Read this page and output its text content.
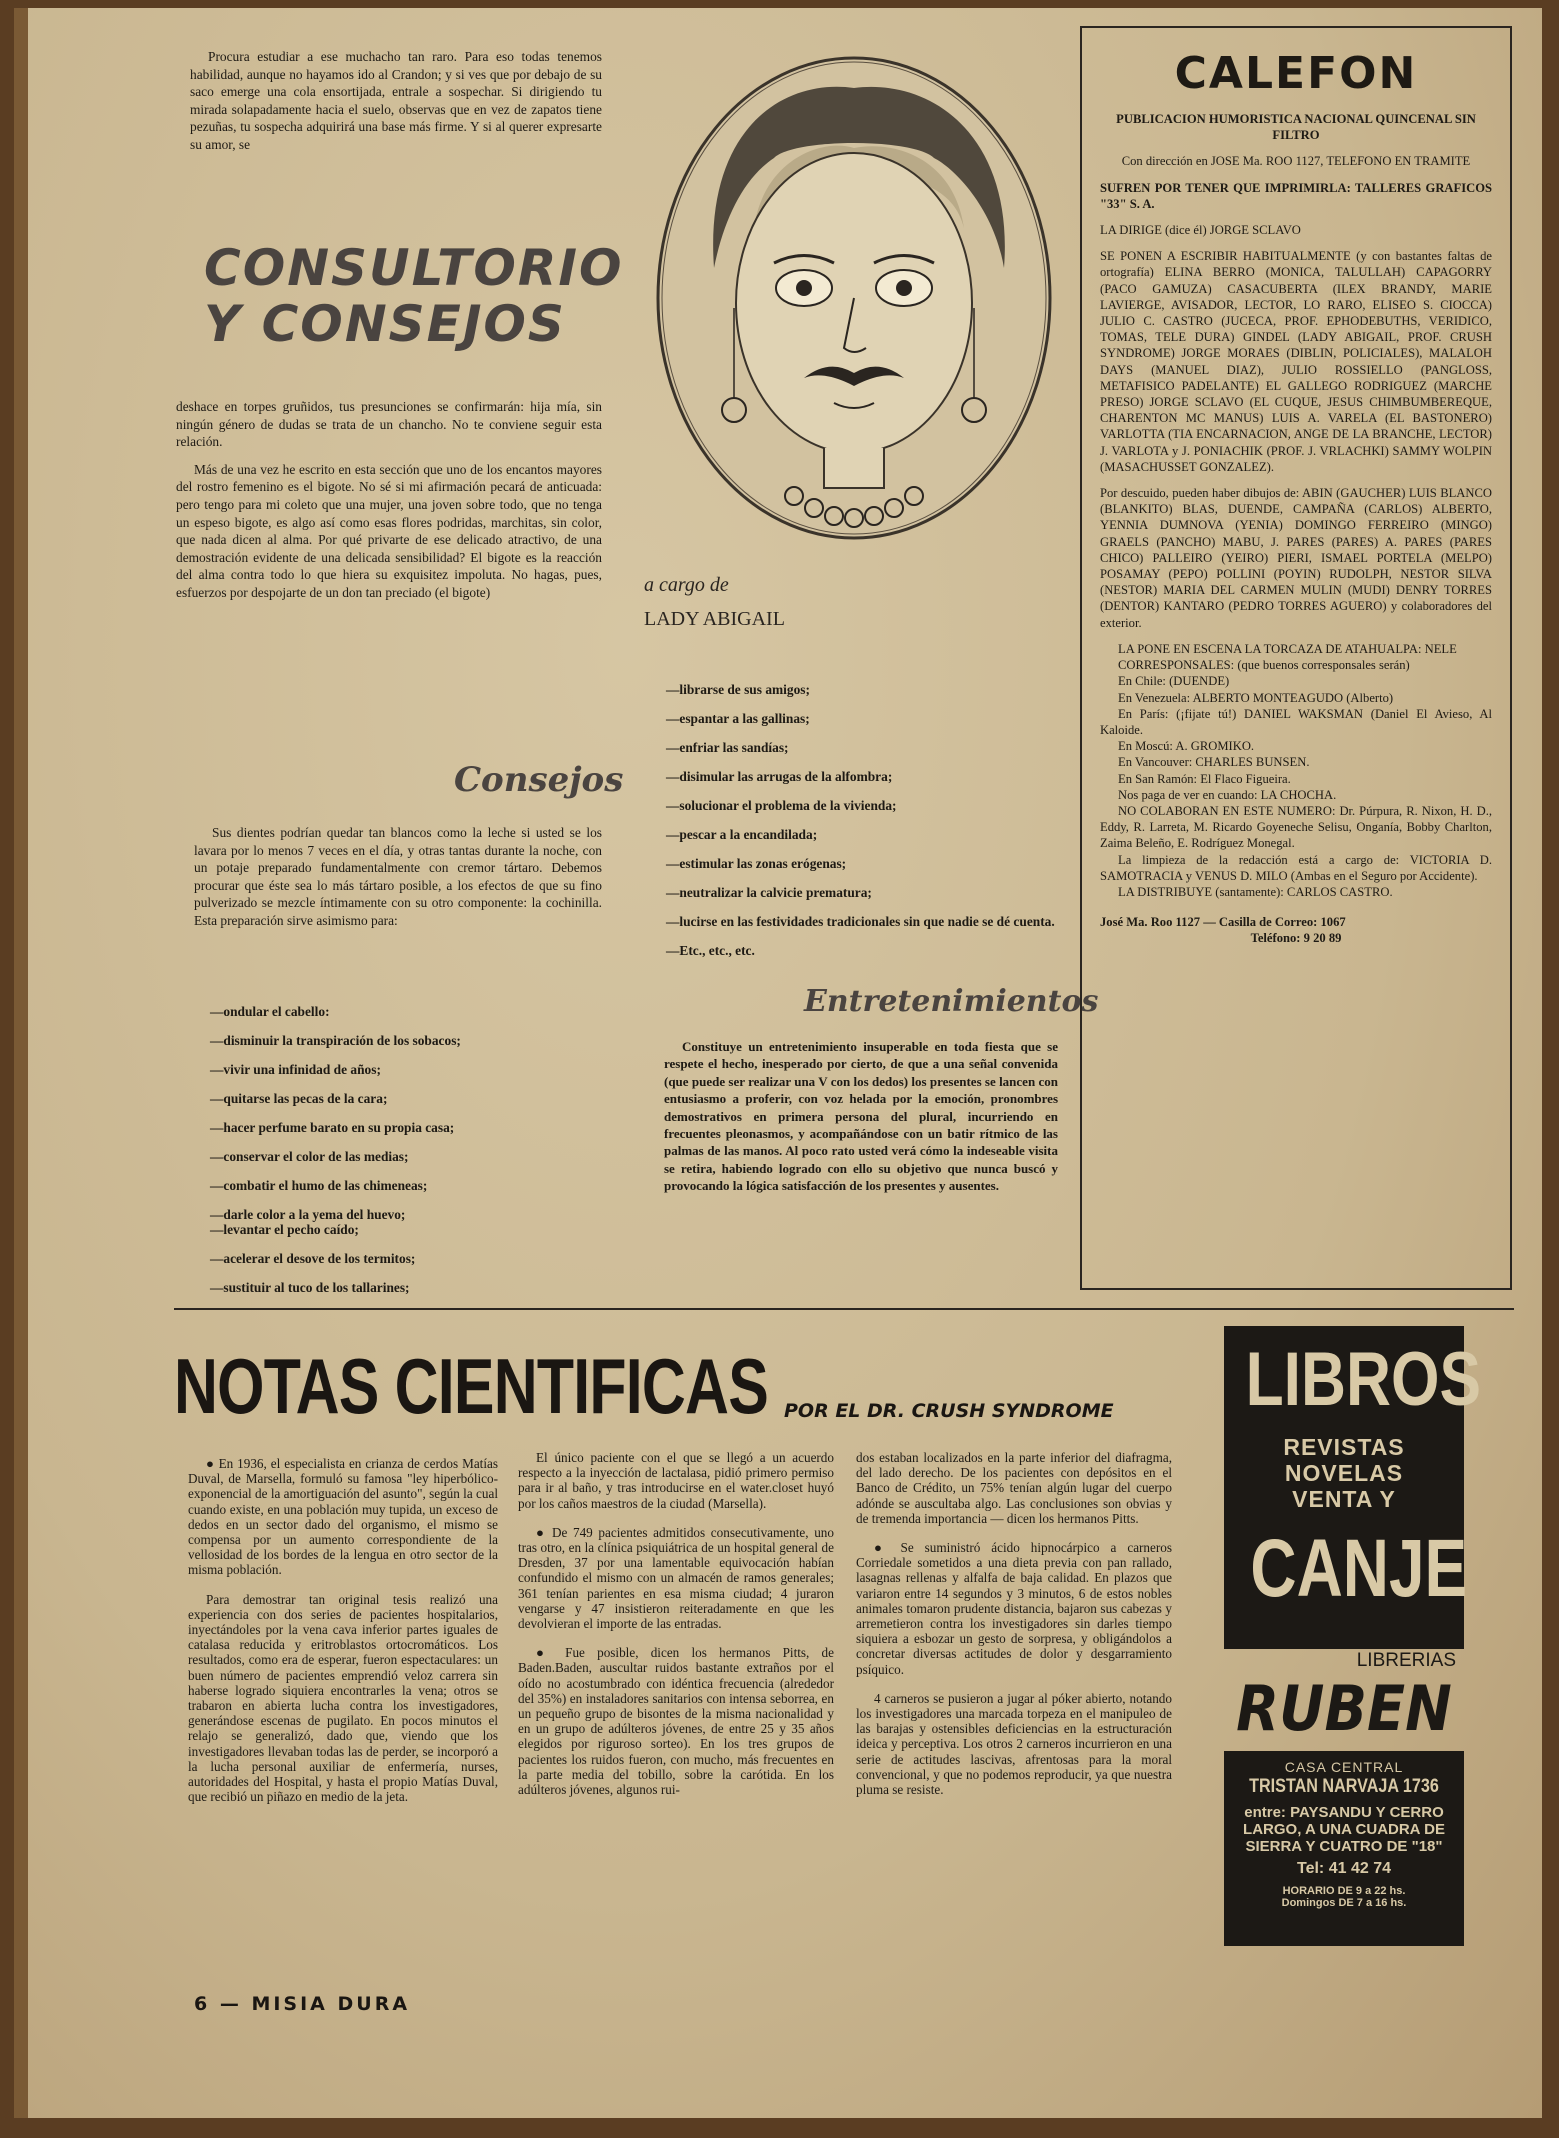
Procura estudiar a ese muchacho tan raro. Para eso todas tenemos habilidad, aunque no hayamos ido al Crandon; y si ves que por debajo de su saco emerge una cola ensortijada, entrale a sospechar. Si dirigiendo tu mirada solapadamente hacia el suelo, observas que en vez de zapatos tiene pezuñas, tu sospecha adquirirá una base más firme. Y si al querer expresarte su amor, se

CONSULTORIO
Y CONSEJOS

deshace en torpes gruñidos, tus presunciones se confirmarán: hija mía, sin ningún género de dudas se trata de un chancho. No te conviene seguir esta relación.

Más de una vez he escrito en esta sección que uno de los encantos mayores del rostro femenino es el bigote. No sé si mi afirmación pecará de anticuada: pero tengo para mi coleto que una mujer, una joven sobre todo, que no tenga un espeso bigote, es algo así como esas flores podridas, marchitas, sin color, que nada dicen al alma. Por qué privarte de ese delicado atractivo, de una demostración evidente de una delicada sensibilidad? El bigote es la reacción del alma contra todo lo que hiera su exquisitez impoluta. No hagas, pues, esfuerzos por despojarte de un don tan preciado (el bigote)

Consejos

Sus dientes podrían quedar tan blancos como la leche si usted se los lavara por lo menos 7 veces en el día, y otras tantas durante la noche, con un potaje preparado fundamentalmente con cremor tártaro. Debemos procurar que éste sea lo más tártaro posible, a los efectos de que su fino pulverizado se mezcle íntimamente con su otro componente: la cochinilla. Esta preparación sirve asimismo para:

—ondular el cabello:
—disminuir la transpiración de los sobacos;
—vivir una infinidad de años;
—quitarse las pecas de la cara;
—hacer perfume barato en su propia casa;
—conservar el color de las medias;
—combatir el humo de las chimeneas;
—darle color a la yema del huevo;
—levantar el pecho caído;
—acelerar el desove de los termitos;
—sustituir al tuco de los tallarines;
a cargo de
LADY ABIGAIL
—librarse de sus amigos;
—espantar a las gallinas;
—enfriar las sandías;
—disimular las arrugas de la alfombra;
—solucionar el problema de la vivienda;
—pescar a la encandilada;
—estimular las zonas erógenas;
—neutralizar la calvicie prematura;
—lucirse en las festividades tradicionales sin que nadie se dé cuenta.
—Etc., etc., etc.
Entretenimientos

Constituye un entretenimiento insuperable en toda fiesta que se respete el hecho, inesperado por cierto, de que a una señal convenida (que puede ser realizar una V con los dedos) los presentes se lancen con entusiasmo a proferir, con voz helada por la emoción, pronombres demostrativos en primera persona del plural, incurriendo en frecuentes pleonasmos, y acompañándose con un batir rítmico de las palmas de las manos. Al poco rato usted verá cómo la indeseable visita se retira, habiendo logrado con ello su objetivo que nunca buscó y provocando la lógica satisfacción de los presentes y ausentes.

CALEFON

PUBLICACION HUMORISTICA NACIONAL QUINCENAL SIN FILTRO

Con dirección en JOSE Ma. ROO 1127, TELEFONO EN TRAMITE

SUFREN POR TENER QUE IMPRIMIRLA: TALLERES GRAFICOS "33" S. A.

LA DIRIGE (dice él) JORGE SCLAVO

SE PONEN A ESCRIBIR HABITUALMENTE (y con bastantes faltas de ortografía) ELINA BERRO (MONICA, TALULLAH) CAPAGORRY (PACO GAMUZA) CASACUBERTA (ILEX BRANDY, MARIE LAVIERGE, AVISADOR, LECTOR, LO RARO, ELISEO S. CIOCCA) JULIO C. CASTRO (JUCECA, PROF. EPHODEBUTHS, VERIDICO, TOMAS, TELE DURA) GINDEL (LADY ABIGAIL, PROF. CRUSH SYNDROME) JORGE MORAES (DIBLIN, POLICIALES), MALALOH DAYS (MANUEL DIAZ), JULIO ROSSIELLO (PANGLOSS, METAFISICO PADELANTE) EL GALLEGO RODRIGUEZ (MARCHE PRESO) JORGE SCLAVO (EL CUQUE, JESUS CHIMBUMBEREQUE, CHARENTON MC MANUS) LUIS A. VARELA (EL BASTONERO) VARLOTTA (TIA ENCARNACION, ANGE DE LA BRANCHE, LECTOR) J. VARLOTA y J. PONIACHIK (PROF. J. VRLACHKI) SAMMY WOLPIN (MASACHUSSET GONZALEZ).

Por descuido, pueden haber dibujos de: ABIN (GAUCHER) LUIS BLANCO (BLANKITO) BLAS, DUENDE, CAMPAÑA (CARLOS) ALBERTO, YENNIA DUMNOVA (YENIA) DOMINGO FERREIRO (MINGO) GRAELS (PANCHO) MABU, J. PARES (PARES) A. PARES (PARES CHICO) PALLEIRO (YEIRO) PIERI, ISMAEL PORTELA (MELPO) POSAMAY (PEPO) POLLINI (POYIN) RUDOLPH, NESTOR SILVA (NESTOR) MARIA DEL CARMEN MULIN (MUDI) DENRY TORRES (DENTOR) KANTARO (PEDRO TORRES AGUERO) y colaboradores del exterior.

LA PONE EN ESCENA LA TORCAZA DE ATAHUALPA: NELE
CORRESPONSALES: (que buenos corresponsales serán)
En Chile: (DUENDE)
En Venezuela: ALBERTO MONTEAGUDO (Alberto)
En París: (¡fijate tú!) DANIEL WAKSMAN (Daniel El Avieso, Al Kaloide.
En Moscú: A. GROMIKO.
En Vancouver: CHARLES BUNSEN.
En San Ramón: El Flaco Figueira.
Nos paga de ver en cuando: LA CHOCHA.
NO COLABORAN EN ESTE NUMERO: Dr. Púrpura, R. Nixon, H. D., Eddy, R. Larreta, M. Ricardo Goyeneche Selisu, Onganía, Bobby Charlton, Zaima Beleño, E. Rodríguez Monegal.
La limpieza de la redacción está a cargo de: VICTORIA D. SAMOTRACIA y VENUS D. MILO (Ambas en el Seguro por Accidente).
LA DISTRIBUYE (santamente): CARLOS CASTRO.
José Ma. Roo 1127 — Casilla de Correo: 1067
Teléfono: 9 20 89
NOTAS CIENTIFICAS POR EL DR. CRUSH SYNDROME

● En 1936, el especialista en crianza de cerdos Matías Duval, de Marsella, formuló su famosa "ley hiperbólico-exponencial de la amortiguación del asunto", según la cual cuando existe, en una población muy tupida, un exceso de dedos en un sector dado del organismo, el mismo se compensa por un aumento correspondiente de la vellosidad de los bordes de la lengua en otro sector de la misma población.

Para demostrar tan original tesis realizó una experiencia con dos series de pacientes hospitalarios, inyectándoles por la vena cava inferior partes iguales de catalasa reducida y eritroblastos ortocromáticos. Los resultados, como era de esperar, fueron espectaculares: un buen número de pacientes emprendió veloz carrera sin haberse logrado siquiera encontrarles la vena; otros se trabaron en abierta lucha contra los investigadores, generándose escenas de pugilato. En pocos minutos el relajo se generalizó, dado que, viendo que los investigadores llevaban todas las de perder, se incorporó a la lucha personal auxiliar de enfermería, nurses, autoridades del Hospital, y hasta el propio Matías Duval, que recibió un piñazo en medio de la jeta.

El único paciente con el que se llegó a un acuerdo respecto a la inyección de lactalasa, pidió primero permiso para ir al baño, y tras introducirse en el water.closet huyó por los caños maestros de la ciudad (Marsella).

● De 749 pacientes admitidos consecutivamente, uno tras otro, en la clínica psiquiátrica de un hospital general de Dresden, 37 por una lamentable equivocación habían confundido el mismo con un almacén de ramos generales; 361 tenían parientes en esa misma ciudad; 4 juraron vengarse y 47 insistieron reiteradamente en que les devolvieran el importe de las entradas.

● Fue posible, dicen los hermanos Pitts, de Baden.Baden, auscultar ruidos bastante extraños por el oído no acostumbrado con idéntica frecuencia (alrededor del 35%) en instaladores sanitarios con intensa seborrea, en un pequeño grupo de bisontes de la misma nacionalidad y en un grupo de adúlteros jóvenes, de entre 25 y 35 años elegidos por riguroso sorteo). En los tres grupos de pacientes los ruidos fueron, con mucho, más frecuentes en la parte media del tobillo, sobre la carótida. En los adúlteros jóvenes, algunos rui-

dos estaban localizados en la parte inferior del diafragma, del lado derecho. De los pacientes con depósitos en el Banco de Crédito, un 75% tenían algún lugar del cuerpo adónde se auscultaba algo. Las conclusiones son obvias y de tremenda importancia — dicen los hermanos Pitts.

● Se suministró ácido hipnocárpico a carneros Corriedale sometidos a una dieta previa con pan rallado, lasagnas rellenas y alfalfa de baja calidad. En plazos que variaron entre 14 segundos y 3 minutos, 6 de estos nobles animales tomaron prudente distancia, bajaron sus cabezas y arremetieron contra los investigadores sin darles tiempo siquiera a esbozar un gesto de sorpresa, y obligándolos a concretar diversas actitudes de dolor y desgarramiento psíquico.

4 carneros se pusieron a jugar al póker abierto, notando los investigadores una marcada torpeza en el manipuleo de las barajas y ostensibles deficiencias en la estructuración ideica y perceptiva. Los otros 2 carneros incurrieron en una serie de actitudes lascivas, afrentosas para la moral convencional, y que no podemos reproducir, ya que nuestra pluma se resiste.

LIBROS
REVISTAS
NOVELAS
VENTA Y
CANJE
LIBRERIAS
RUBEN
CASA CENTRAL
TRISTAN NARVAJA 1736
entre: PAYSANDU Y CERRO LARGO, A UNA CUADRA DE SIERRA Y CUATRO DE "18"
Tel: 41 42 74
HORARIO DE 9 a 22 hs.
Domingos DE 7 a 16 hs.
6 — MISIA DURA
